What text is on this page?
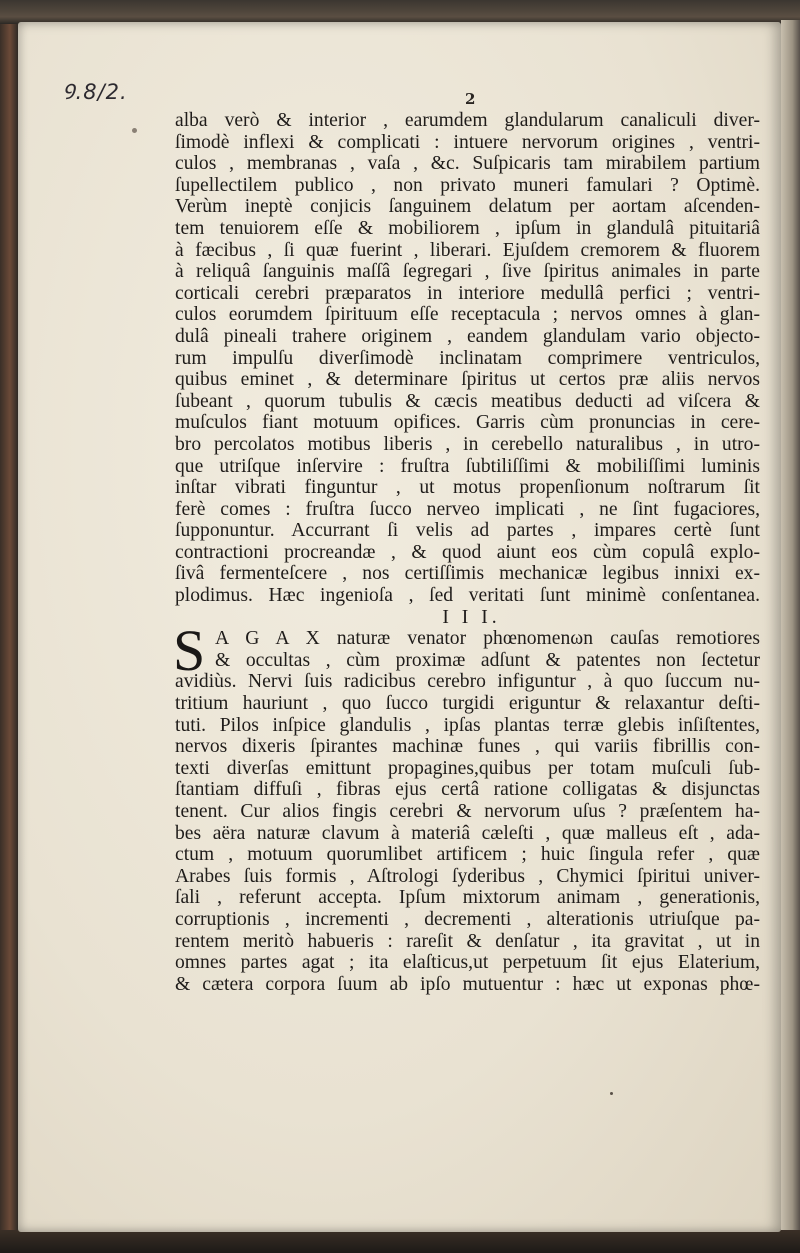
Ꝯ.8/2.	2
alba verò & interior , earumdem glandularum canaliculi diver-
ſimodè inflexi & complicati : intuere nervorum origines , ventri-
culos , membranas , vaſa , &c. Suſpicaris tam mirabilem partium
ſupellectilem publico , non privato muneri famulari ? Optimè.
Verùm ineptè conjicis ſanguinem delatum per aortam aſcenden-
tem tenuiorem eſſe & mobiliorem , ipſum in glandulâ pituitariâ
à fæcibus , ſi quæ fuerint , liberari. Ejuſdem cremorem & fluorem
à reliquâ ſanguinis maſſâ ſegregari , ſive ſpiritus animales in parte
corticali cerebri præparatos in interiore medullâ perfici ; ventri-
culos eorumdem ſpirituum eſſe receptacula ; nervos omnes à glan-
dulâ pineali trahere originem , eandem glandulam vario objecto-
rum impulſu diverſimodè inclinatam comprimere ventriculos,
quibus eminet , & determinare ſpiritus ut certos præ aliis nervos
ſubeant , quorum tubulis & cæcis meatibus deducti ad viſcera &
muſculos fiant motuum opifices. Garris cùm pronuncias in cere-
bro percolatos motibus liberis , in cerebello naturalibus , in utro-
que utriſque inſervire : fruſtra ſubtiliſſimi & mobiliſſimi luminis
inſtar vibrati finguntur , ut motus propenſionum noſtrarum ſit
ferè comes : fruſtra ſucco nerveo implicati , ne ſint fugaciores,
ſupponuntur. Accurrant ſi velis ad partes , impares certè ſunt
contractioni procreandæ , & quod aiunt eos cùm copulâ explo-
ſivâ fermenteſcere , nos certiſſimis mechanicæ legibus innixi ex-
plodimus. Hæc ingenioſa , ſed veritati ſunt minimè conſentanea.
I I I.
S A G A X naturæ venator phœnomenωn cauſas remotiores
& occultas , cùm proximæ adſunt & patentes non ſectetur
avidiùs. Nervi ſuis radicibus cerebro infiguntur , à quo ſuccum nu-
tritium hauriunt , quo ſucco turgidi eriguntur & relaxantur deſti-
tuti. Pilos inſpice glandulis , ipſas plantas terræ glebis inſiſtentes,
nervos dixeris ſpirantes machinæ funes , qui variis fibrillis con-
texti diverſas emittunt propagines,quibus per totam muſculi ſub-
ſtantiam diffuſi , fibras ejus certâ ratione colligatas & disjunctas
tenent. Cur alios fingis cerebri & nervorum uſus ? præſentem ha-
bes aëra naturæ clavum à materiâ cæleſti , quæ malleus eſt , ada-
ctum , motuum quorumlibet artificem ; huic ſingula refer , quæ
Arabes ſuis formis , Aſtrologi ſyderibus , Chymici ſpiritui univer-
ſali , referunt accepta. Ipſum mixtorum animam , generationis,
corruptionis , incrementi , decrementi , alterationis utriuſque pa-
rentem meritò habueris : rareſit & denſatur , ita gravitat , ut in
omnes partes agat ; ita elaſticus,ut perpetuum ſit ejus Elaterium,
& cætera corpora ſuum ab ipſo mutuentur : hæc ut exponas phœ-
